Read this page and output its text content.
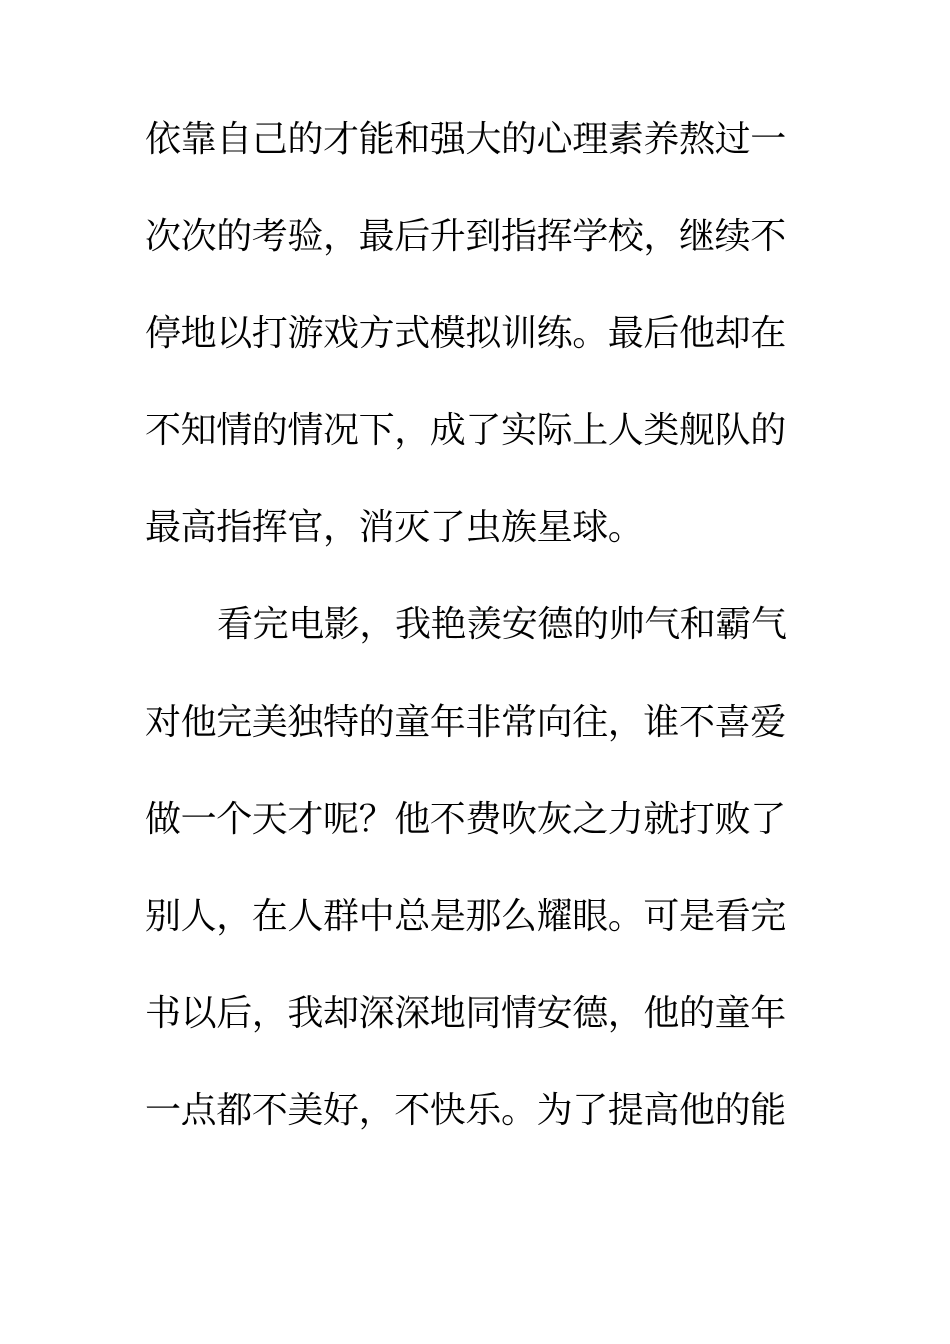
依靠自己的才能和强大的心理素养熬过一
次次的考验，最后升到指挥学校，继续不
停地以打游戏方式模拟训练。最后他却在
不知情的情况下，成了实际上人类舰队的
最高指挥官，消灭了虫族星球。
看完电影，我艳羡安德的帅气和霸气
对他完美独特的童年非常向往，谁不喜爱
做一个天才呢？他不费吹灰之力就打败了
别人，在人群中总是那么耀眼。可是看完
书以后，我却深深地同情安德，他的童年
一点都不美好，不快乐。为了提高他的能
